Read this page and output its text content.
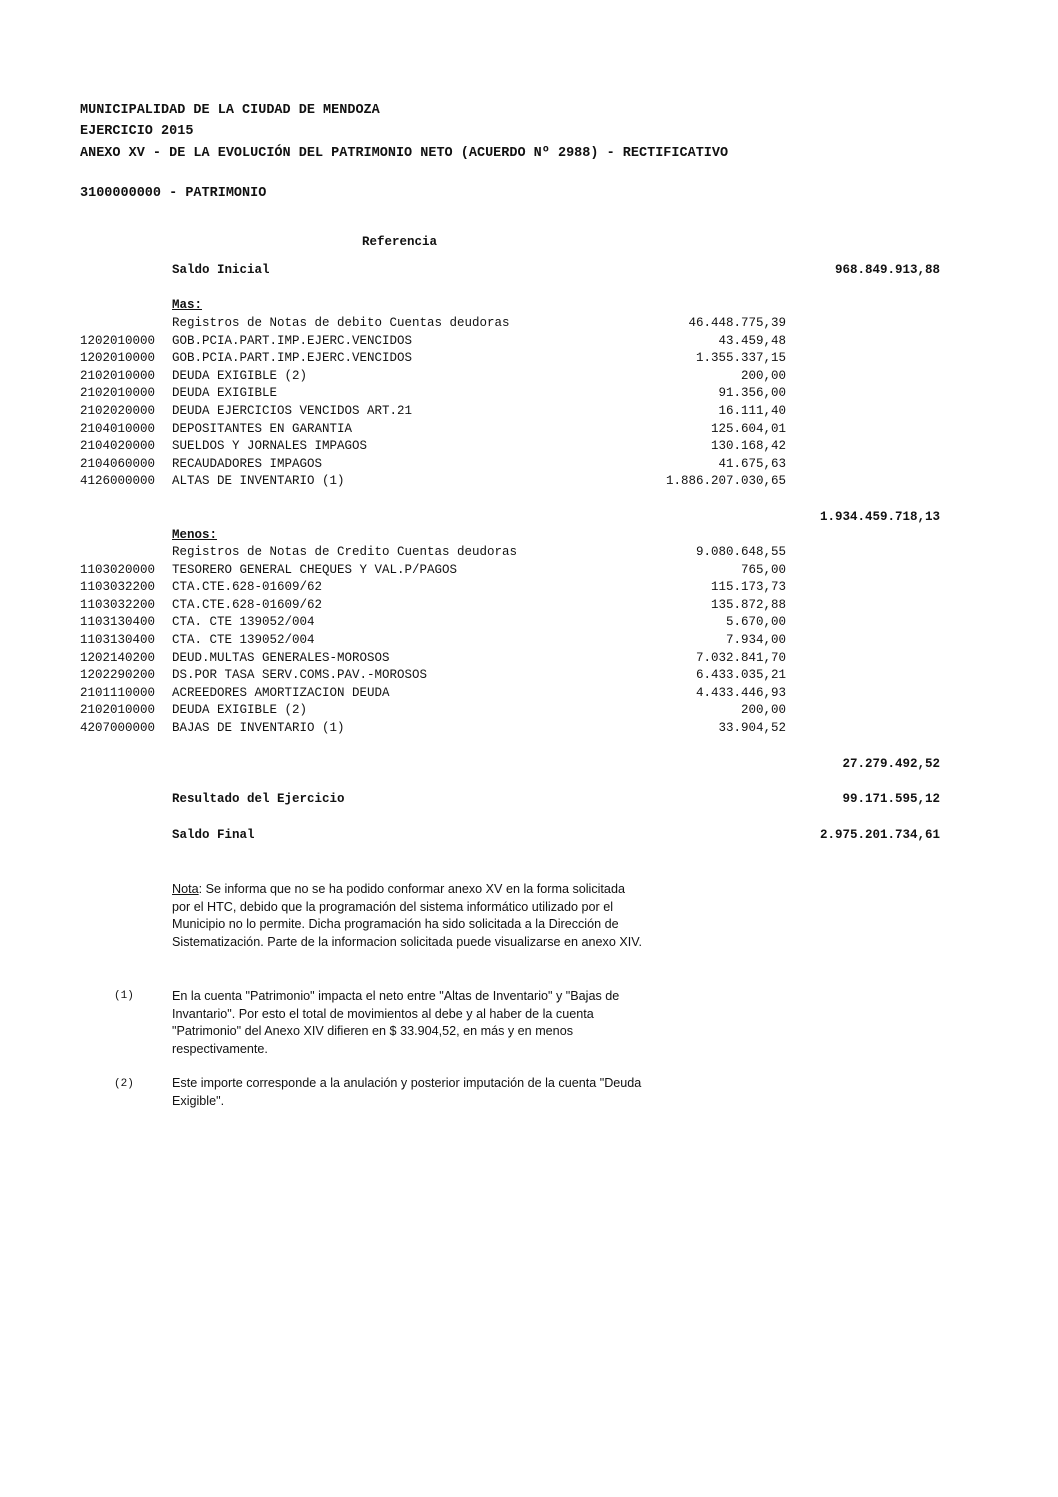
MUNICIPALIDAD DE LA CIUDAD DE MENDOZA
EJERCICIO 2015
ANEXO XV - DE LA EVOLUCIÓN DEL PATRIMONIO NETO (ACUERDO Nº 2988) - RECTIFICATIVO
3100000000 - PATRIMONIO
Referencia
Saldo Inicial	968.849.913,88
Mas:
Registros de Notas de debito Cuentas deudoras	46.448.775,39
1202010000 GOB.PCIA.PART.IMP.EJERC.VENCIDOS	43.459,48
1202010000 GOB.PCIA.PART.IMP.EJERC.VENCIDOS	1.355.337,15
2102010000 DEUDA EXIGIBLE (2)	200,00
2102010000 DEUDA EXIGIBLE	91.356,00
2102020000 DEUDA EJERCICIOS VENCIDOS ART.21	16.111,40
2104010000 DEPOSITANTES EN GARANTIA	125.604,01
2104020000 SUELDOS Y JORNALES IMPAGOS	130.168,42
2104060000 RECAUDADORES IMPAGOS	41.675,63
4126000000 ALTAS DE INVENTARIO (1)	1.886.207.030,65
1.934.459.718,13
Menos:
Registros de Notas de Credito Cuentas deudoras	9.080.648,55
1103020000 TESORERO GENERAL CHEQUES Y VAL.P/PAGOS	765,00
1103032200 CTA.CTE.628-01609/62	115.173,73
1103032200 CTA.CTE.628-01609/62	135.872,88
1103130400 CTA. CTE 139052/004	5.670,00
1103130400 CTA. CTE 139052/004	7.934,00
1202140200 DEUD.MULTAS GENERALES-MOROSOS	7.032.841,70
1202290200 DS.POR TASA SERV.COMS.PAV.-MOROSOS	6.433.035,21
2101110000 ACREEDORES AMORTIZACION DEUDA	4.433.446,93
2102010000 DEUDA EXIGIBLE (2)	200,00
4207000000 BAJAS DE INVENTARIO (1)	33.904,52
27.279.492,52
Resultado del Ejercicio	99.171.595,12
Saldo Final	2.975.201.734,61
Nota: Se informa que no se ha podido conformar anexo XV en la forma solicitada por el HTC, debido que la programación del sistema informático utilizado por el Municipio no lo permite. Dicha programación ha sido solicitada a la Dirección de Sistematización. Parte de la informacion solicitada puede visualizarse en anexo XIV.
(1)	En la cuenta "Patrimonio" impacta el neto entre "Altas de Inventario" y "Bajas de Invantario". Por esto el total de movimientos al debe y al haber de la cuenta "Patrimonio" del Anexo XIV difieren en $ 33.904,52, en más y en menos respectivamente.
(2)	Este importe corresponde a la anulación y posterior imputación de la cuenta "Deuda Exigible".
